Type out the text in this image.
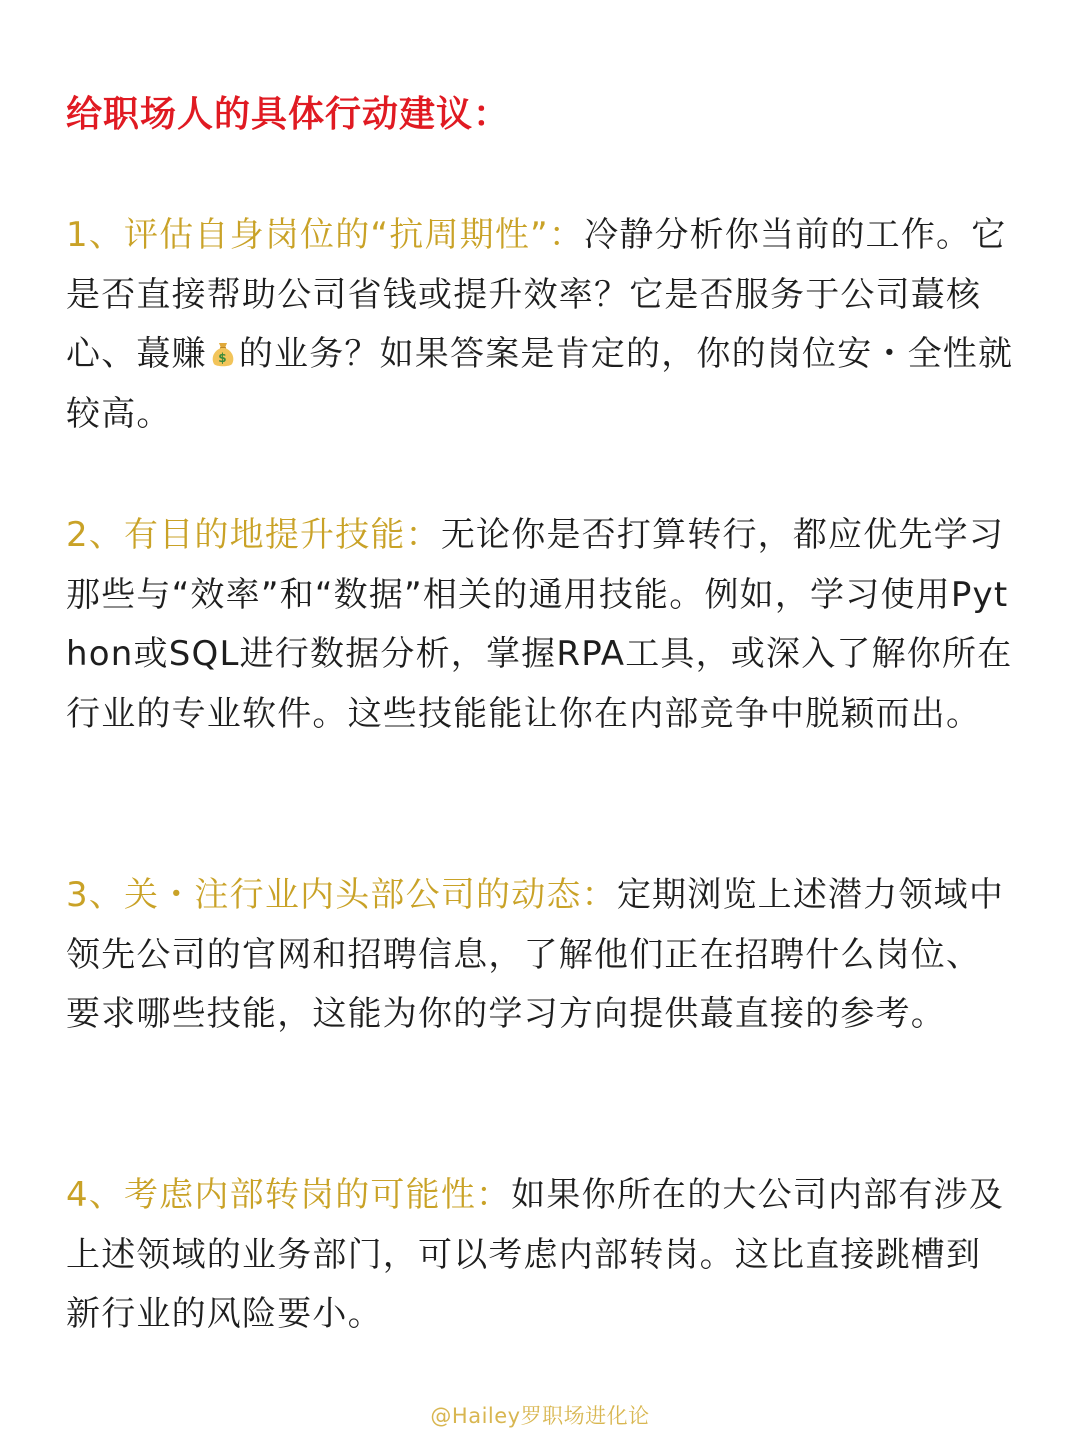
给职场人的具体行动建议：
1、评估自身岗位的“抗周期性”：冷静分析你当前的工作。它是否直接帮助公司省钱或提升效率？它是否服务于公司蕞核心、蕞赚 $ 的业务？如果答案是肯定的，你的岗位安・全性就较高。
2、有目的地提升技能：无论你是否打算转行，都应优先学习那些与“效率”和“数据”相关的通用技能。例如，学习使用Python或SQL进行数据分析，掌握RPA工具，或深入了解你所在行业的专业软件。这些技能能让你在内部竞争中脱颖而出。
3、关・注行业内头部公司的动态：定期浏览上述潜力领域中领先公司的官网和招聘信息，了解他们正在招聘什么岗位、要求哪些技能，这能为你的学习方向提供蕞直接的参考。
4、考虑内部转岗的可能性：如果你所在的大公司内部有涉及上述领域的业务部门，可以考虑内部转岗。这比直接跳槽到新行业的风险要小。
@Hailey罗职场进化论
